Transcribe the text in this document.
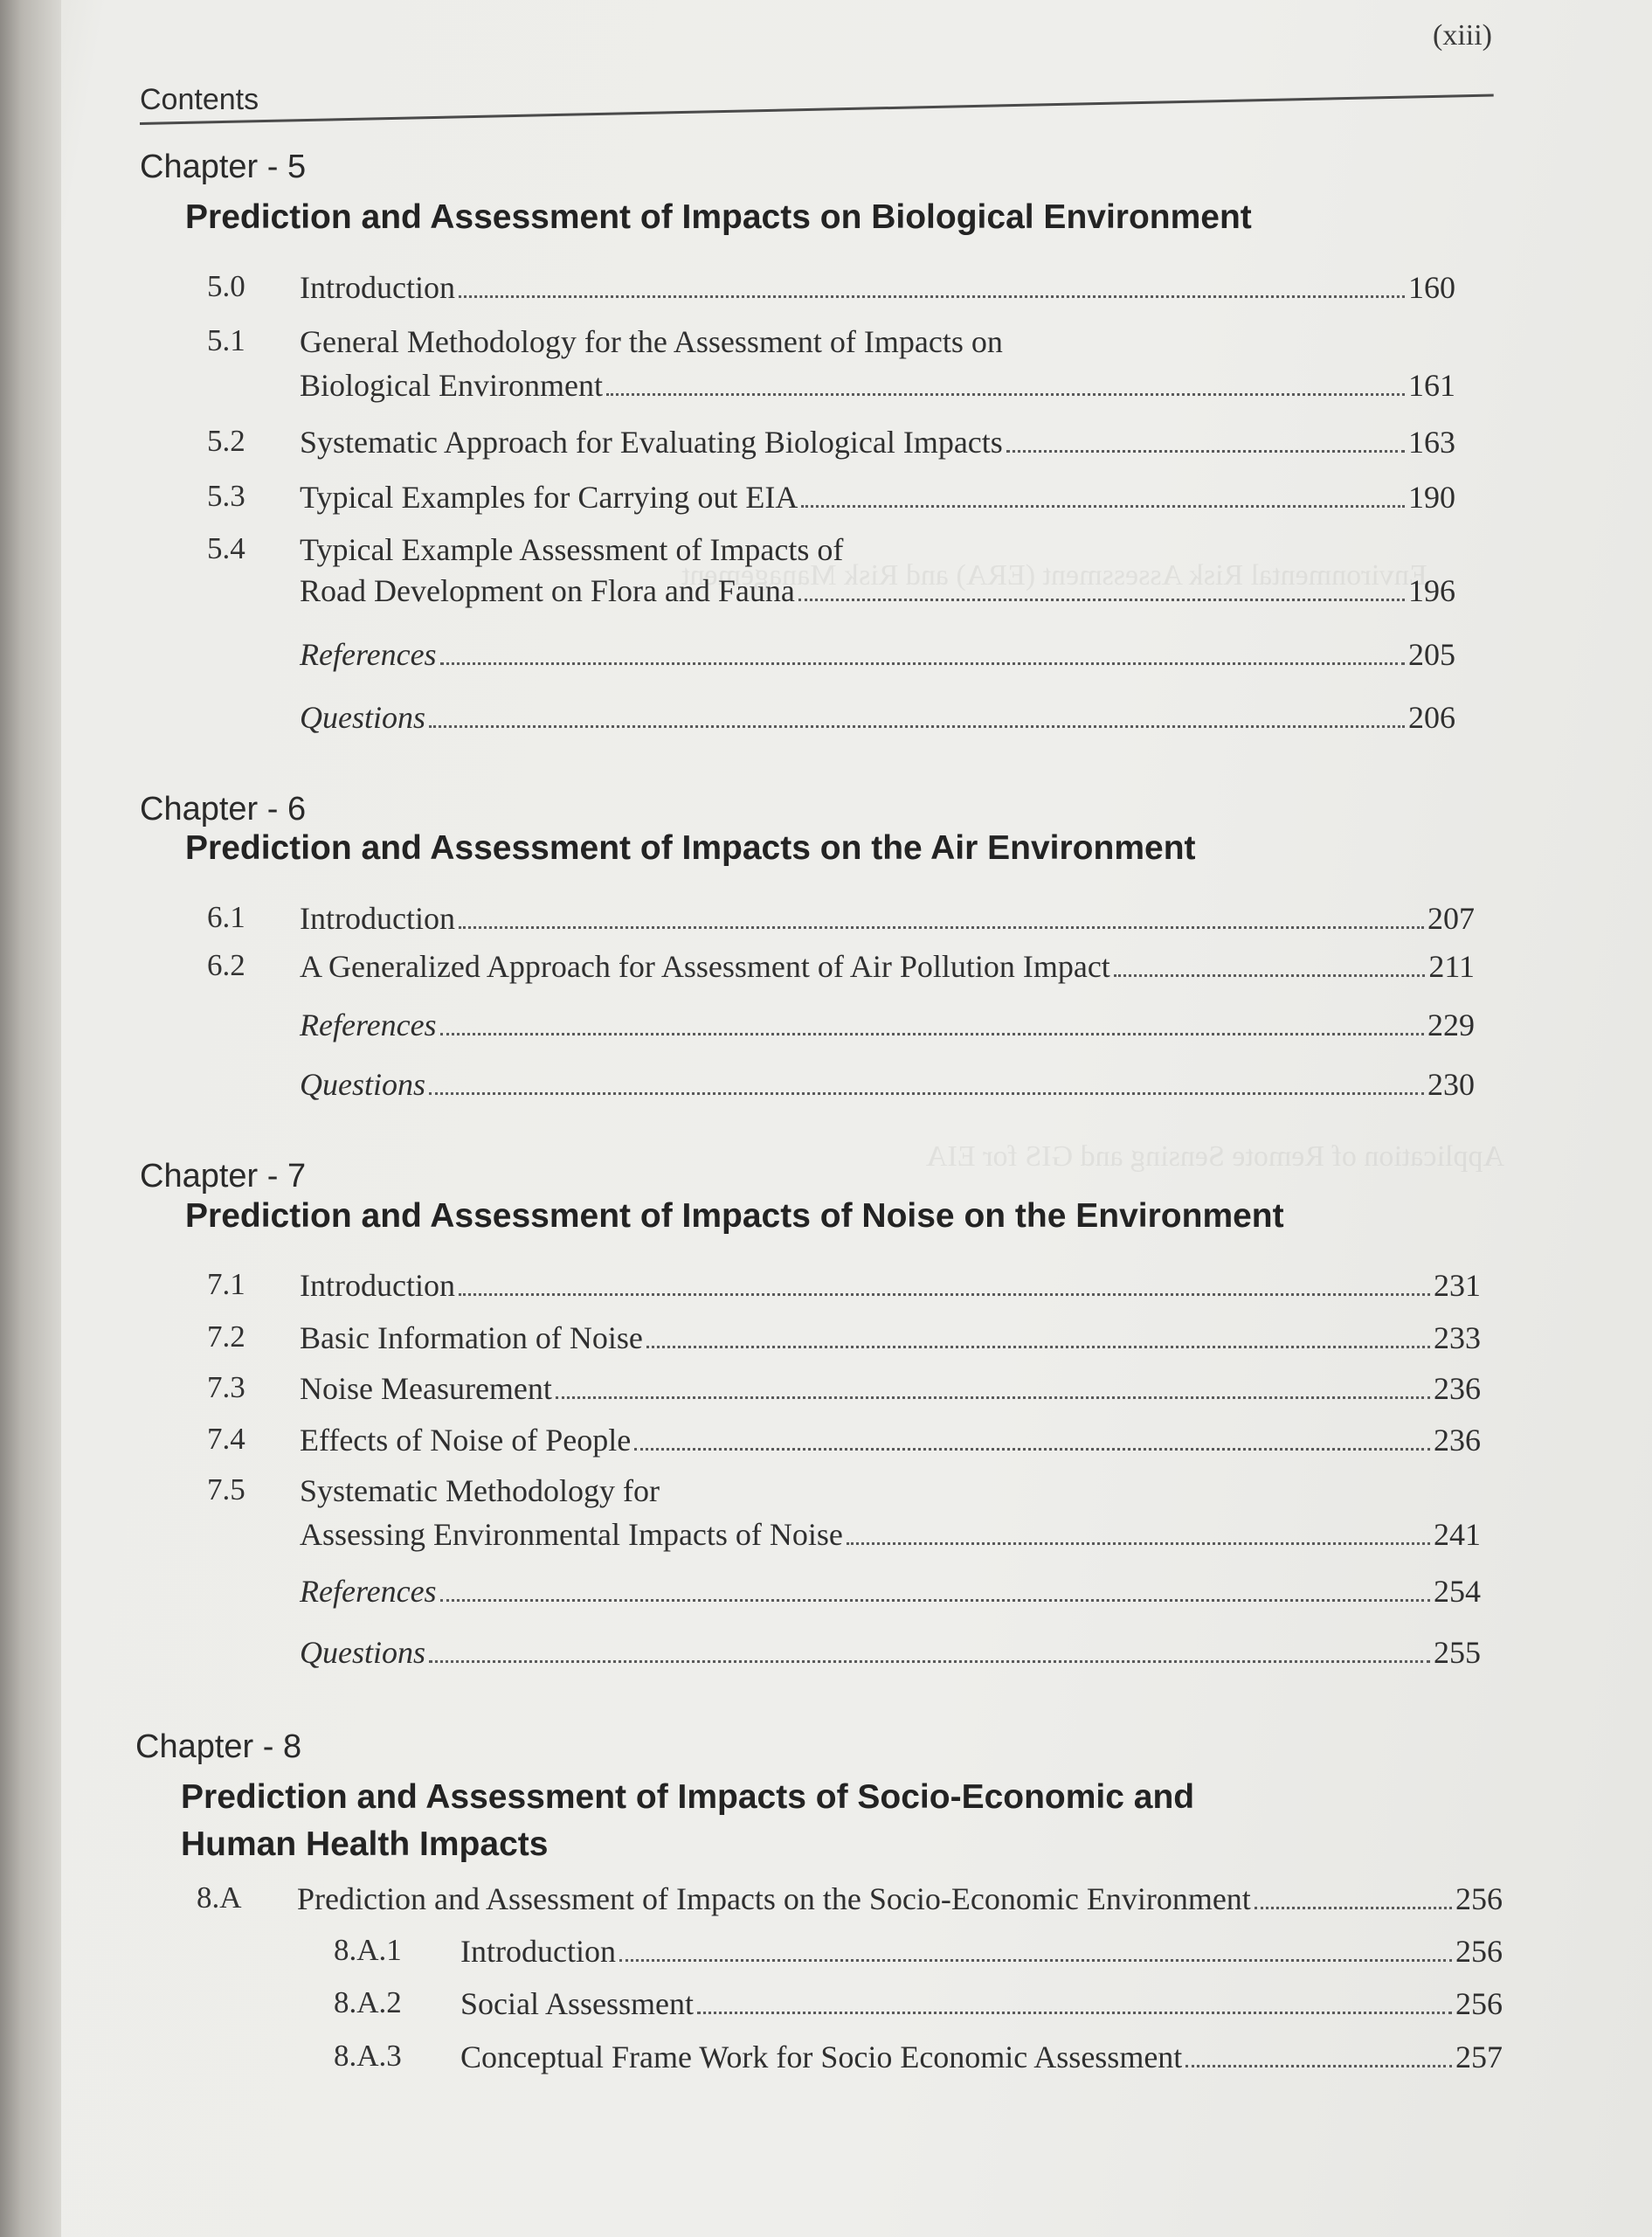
Application of Remote Sensing and GIS for EIA
Environmental Risk Assessment (ERA) and Risk Management
(xiii)
Contents
Chapter - 5
Prediction and Assessment of Impacts on Biological Environment
5.0 Introduction	160
5.1 General Methodology for the Assessment of Impacts on
Biological Environment	161
5.2 Systematic Approach for Evaluating Biological Impacts	163
5.3 Typical Examples for Carrying out EIA	190
5.4 Typical Example Assessment of Impacts of
Road Development on Flora and Fauna	196
References	205
Questions	206
Chapter - 6
Prediction and Assessment of Impacts on the Air Environment
6.1 Introduction	207
6.2 A Generalized Approach for Assessment of Air Pollution Impact	211
References	229
Questions	230
Chapter - 7
Prediction and Assessment of Impacts of Noise on the Environment
7.1 Introduction	231
7.2 Basic Information of Noise	233
7.3 Noise Measurement	236
7.4 Effects of Noise of People	236
7.5 Systematic Methodology for
Assessing Environmental Impacts of Noise	241
References	254
Questions	255
Chapter - 8
Prediction and Assessment of Impacts of Socio-Economic and
Human Health Impacts
8.A Prediction and Assessment of Impacts on the Socio-Economic Environment	256
8.A.1 Introduction	256
8.A.2 Social Assessment	256
8.A.3 Conceptual Frame Work for Socio Economic Assessment	257
